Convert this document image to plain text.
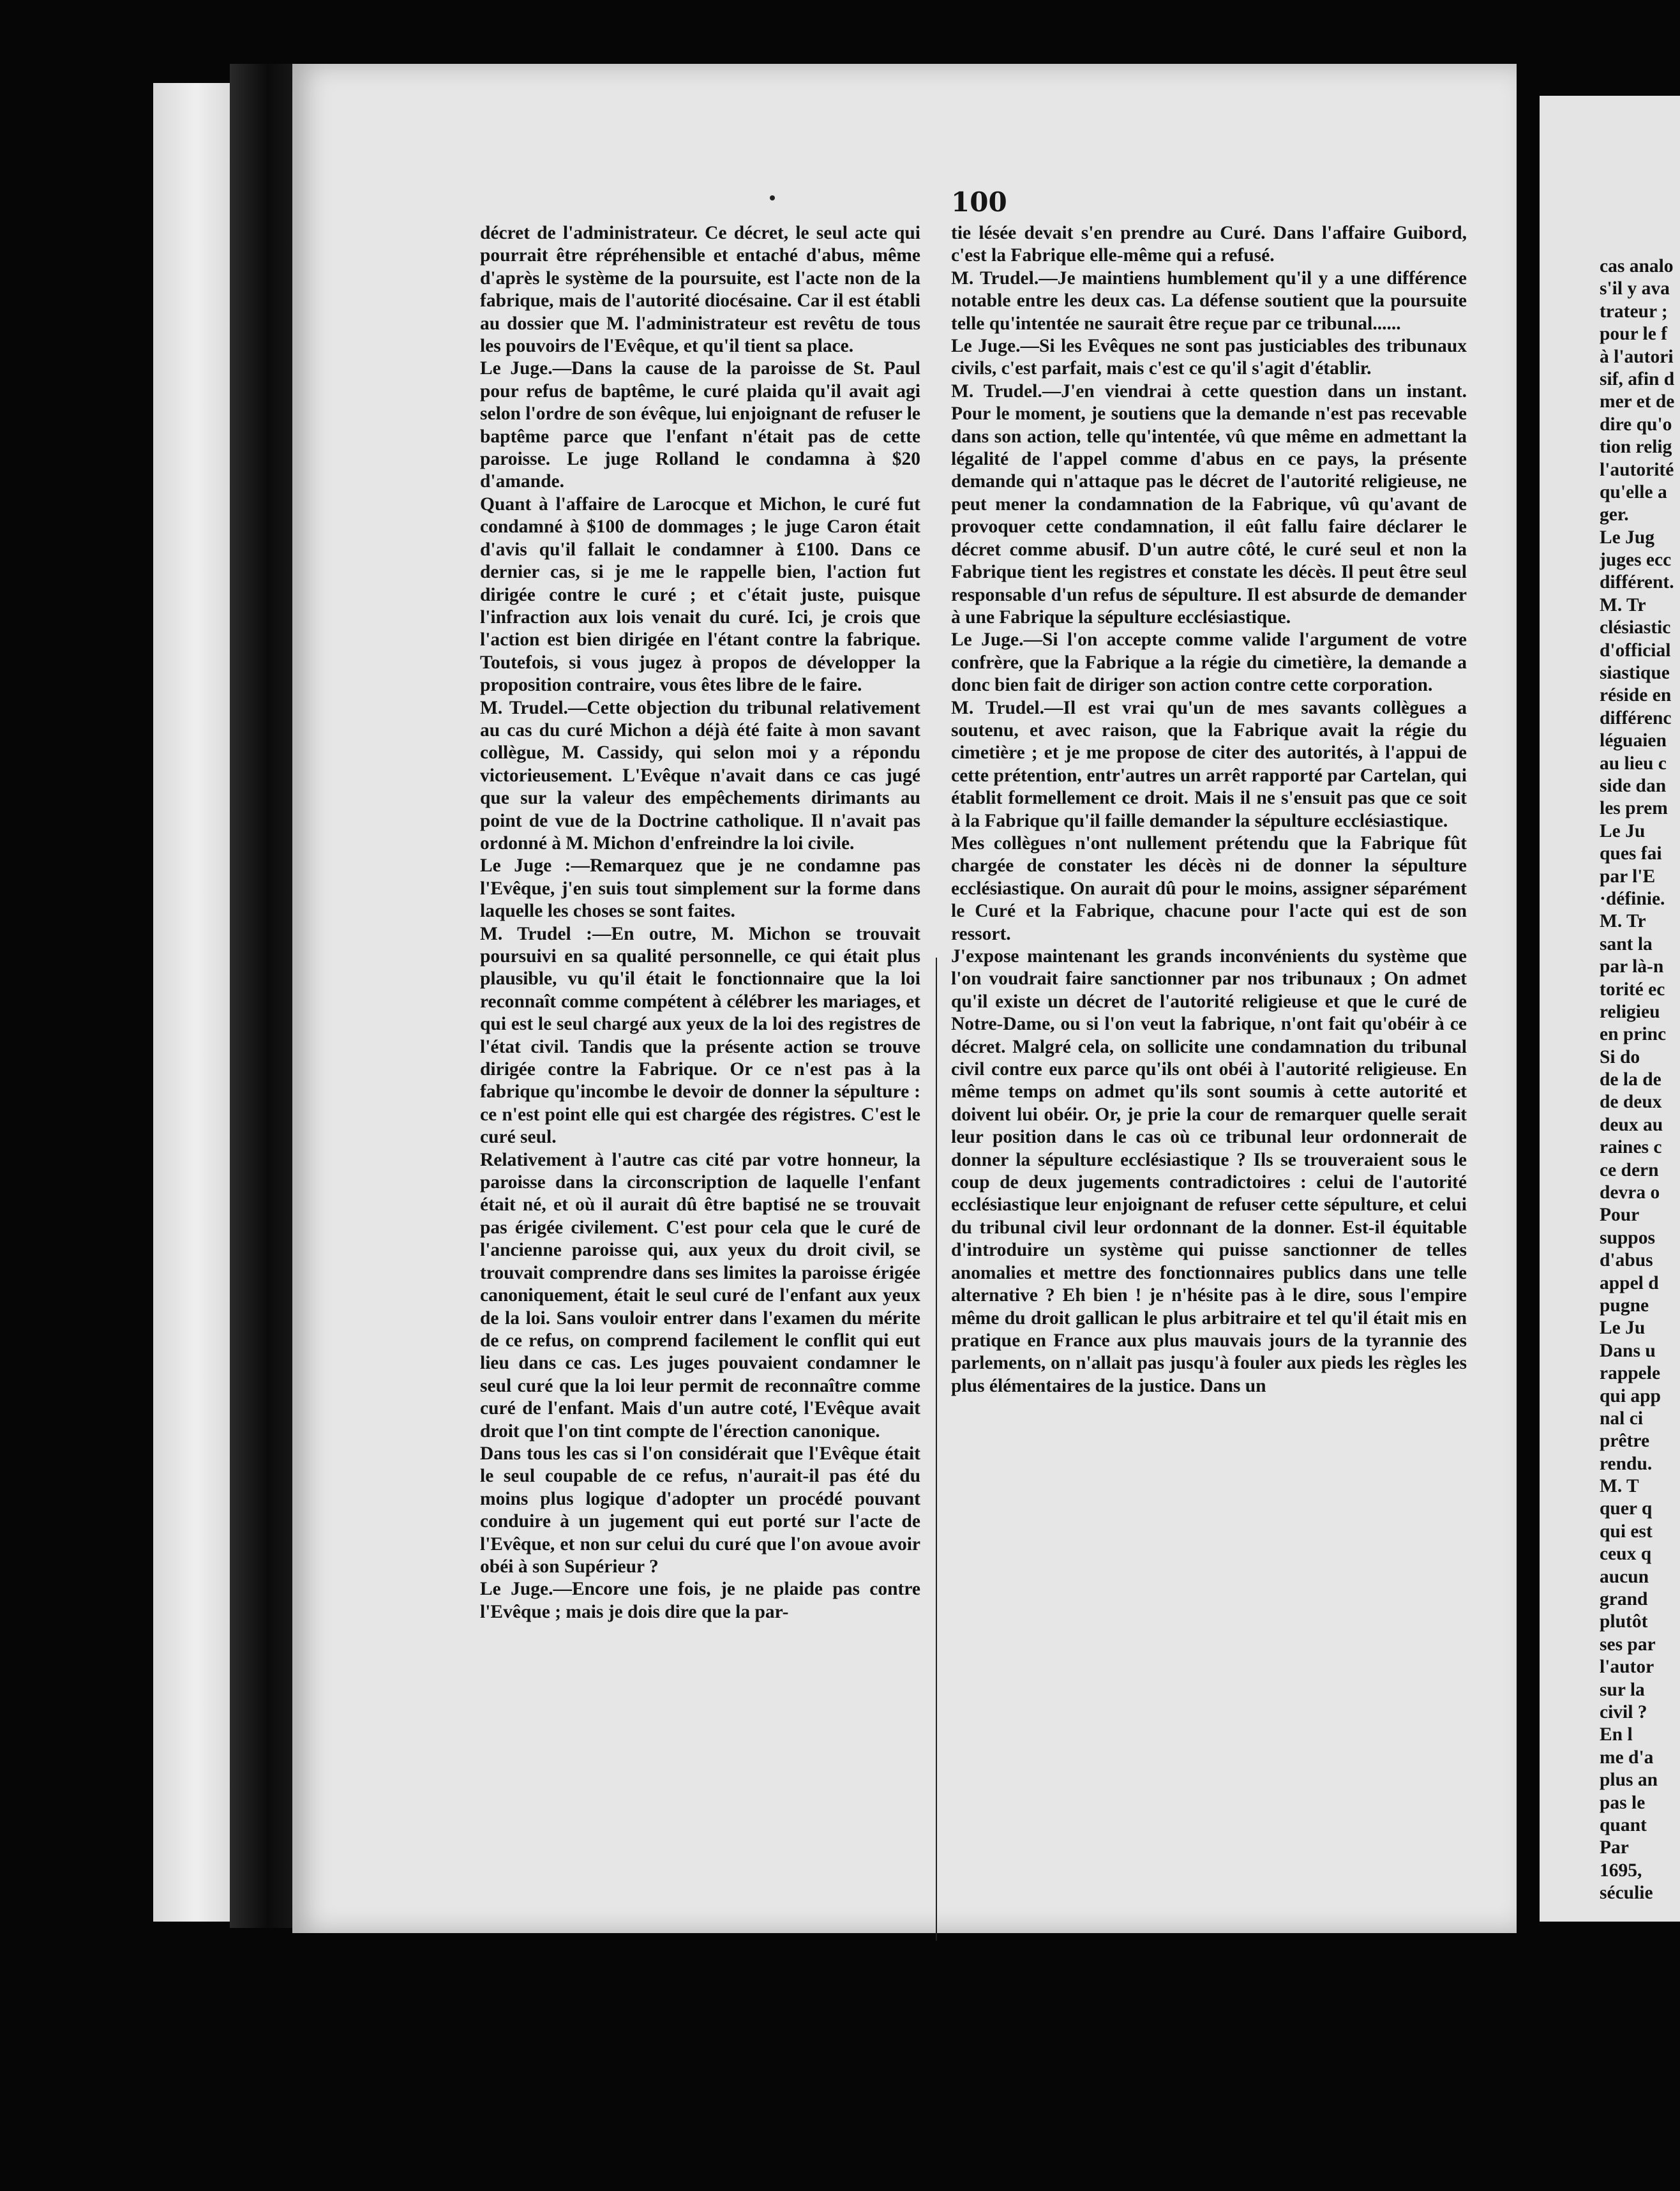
100
décret de l'administrateur. Ce décret, le seul acte qui pourrait être répréhensible et entaché d'abus, même d'après le système de la poursuite, est l'acte non de la fabrique, mais de l'autorité diocésaine. Car il est établi au dossier que M. l'administrateur est revêtu de tous les pouvoirs de l'Evêque, et qu'il tient sa place.
Le Juge.—Dans la cause de la paroisse de St. Paul pour refus de baptême, le curé plaida qu'il avait agi selon l'ordre de son évêque, lui enjoignant de refuser le baptême parce que l'enfant n'était pas de cette paroisse. Le juge Rolland le condamna à $20 d'amande.
Quant à l'affaire de Larocque et Michon, le curé fut condamné à $100 de dommages ; le juge Caron était d'avis qu'il fallait le condamner à £100. Dans ce dernier cas, si je me le rappelle bien, l'action fut dirigée contre le curé ; et c'était juste, puisque l'infraction aux lois venait du curé. Ici, je crois que l'action est bien dirigée en l'étant contre la fabrique. Toutefois, si vous jugez à propos de développer la proposition contraire, vous êtes libre de le faire.
M. Trudel.—Cette objection du tribunal relativement au cas du curé Michon a déjà été faite à mon savant collègue, M. Cassidy, qui selon moi y a répondu victorieusement. L'Evêque n'avait dans ce cas jugé que sur la valeur des empêchements dirimants au point de vue de la Doctrine catholique. Il n'avait pas ordonné à M. Michon d'enfreindre la loi civile.
Le Juge :—Remarquez que je ne condamne pas l'Evêque, j'en suis tout simplement sur la forme dans laquelle les choses se sont faites.
M. Trudel :—En outre, M. Michon se trouvait poursuivi en sa qualité personnelle, ce qui était plus plausible, vu qu'il était le fonctionnaire que la loi reconnaît comme compétent à célébrer les mariages, et qui est le seul chargé aux yeux de la loi des registres de l'état civil. Tandis que la présente action se trouve dirigée contre la Fabrique. Or ce n'est pas à la fabrique qu'incombe le devoir de donner la sépulture : ce n'est point elle qui est chargée des régistres. C'est le curé seul.
Relativement à l'autre cas cité par votre honneur, la paroisse dans la circonscription de laquelle l'enfant était né, et où il aurait dû être baptisé ne se trouvait pas érigée civilement. C'est pour cela que le curé de l'ancienne paroisse qui, aux yeux du droit civil, se trouvait comprendre dans ses limites la paroisse érigée canoniquement, était le seul curé de l'enfant aux yeux de la loi. Sans vouloir entrer dans l'examen du mérite de ce refus, on comprend facilement le conflit qui eut lieu dans ce cas. Les juges pouvaient condamner le seul curé que la loi leur permit de reconnaître comme curé de l'enfant. Mais d'un autre coté, l'Evêque avait droit que l'on tint compte de l'érection canonique.
Dans tous les cas si l'on considérait que l'Evêque était le seul coupable de ce refus, n'aurait-il pas été du moins plus logique d'adopter un procédé pouvant conduire à un jugement qui eut porté sur l'acte de l'Evêque, et non sur celui du curé que l'on avoue avoir obéi à son Supérieur ?
Le Juge.—Encore une fois, je ne plaide pas contre l'Evêque ; mais je dois dire que la par-
tie lésée devait s'en prendre au Curé. Dans l'affaire Guibord, c'est la Fabrique elle-même qui a refusé.
M. Trudel.—Je maintiens humblement qu'il y a une différence notable entre les deux cas. La défense soutient que la poursuite telle qu'intentée ne saurait être reçue par ce tribunal......
Le Juge.—Si les Evêques ne sont pas justiciables des tribunaux civils, c'est parfait, mais c'est ce qu'il s'agit d'établir.
M. Trudel.—J'en viendrai à cette question dans un instant. Pour le moment, je soutiens que la demande n'est pas recevable dans son action, telle qu'intentée, vû que même en admettant la légalité de l'appel comme d'abus en ce pays, la présente demande qui n'attaque pas le décret de l'autorité religieuse, ne peut mener la condamnation de la Fabrique, vû qu'avant de provoquer cette condamnation, il eût fallu faire déclarer le décret comme abusif. D'un autre côté, le curé seul et non la Fabrique tient les registres et constate les décès. Il peut être seul responsable d'un refus de sépulture. Il est absurde de demander à une Fabrique la sépulture ecclésiastique.
Le Juge.—Si l'on accepte comme valide l'argument de votre confrère, que la Fabrique a la régie du cimetière, la demande a donc bien fait de diriger son action contre cette corporation.
M. Trudel.—Il est vrai qu'un de mes savants collègues a soutenu, et avec raison, que la Fabrique avait la régie du cimetière ; et je me propose de citer des autorités, à l'appui de cette prétention, entr'autres un arrêt rapporté par Cartelan, qui établit formellement ce droit. Mais il ne s'ensuit pas que ce soit à la Fabrique qu'il faille demander la sépulture ecclésiastique.
Mes collègues n'ont nullement prétendu que la Fabrique fût chargée de constater les décès ni de donner la sépulture ecclésiastique. On aurait dû pour le moins, assigner séparément le Curé et la Fabrique, chacune pour l'acte qui est de son ressort.
J'expose maintenant les grands inconvénients du système que l'on voudrait faire sanctionner par nos tribunaux ; On admet qu'il existe un décret de l'autorité religieuse et que le curé de Notre-Dame, ou si l'on veut la fabrique, n'ont fait qu'obéir à ce décret. Malgré cela, on sollicite une condamnation du tribunal civil contre eux parce qu'ils ont obéi à l'autorité religieuse. En même temps on admet qu'ils sont soumis à cette autorité et doivent lui obéir. Or, je prie la cour de remarquer quelle serait leur position dans le cas où ce tribunal leur ordonnerait de donner la sépulture ecclésiastique ? Ils se trouveraient sous le coup de deux jugements contradictoires : celui de l'autorité ecclésiastique leur enjoignant de refuser cette sépulture, et celui du tribunal civil leur ordonnant de la donner. Est-il équitable d'introduire un système qui puisse sanctionner de telles anomalies et mettre des fonctionnaires publics dans une telle alternative ? Eh bien ! je n'hésite pas à le dire, sous l'empire même du droit gallican le plus arbitraire et tel qu'il était mis en pratique en France aux plus mauvais jours de la tyrannie des parlements, on n'allait pas jusqu'à fouler aux pieds les règles les plus élémentaires de la justice. Dans un
cas analo
s'il y ava
trateur ;
pour le f
à l'autori
sif, afin d
mer et de
dire qu'o
tion relig
l'autorité
qu'elle a
ger.
Le Jug
juges ecc
différent.
M. Tr
clésiastic
d'official
siastique
réside en
différenc
léguaien
au lieu c
side dan
les prem
Le Ju
ques fai
par l'E
·définie.
M. Tr
sant la
par là-n
torité ec
religieu
en princ
Si do
de la de
de deux
deux au
raines c
ce dern
devra o
Pour
suppos
d'abus
appel d
pugne
Le Ju
Dans u
rappele
qui app
nal ci
prêtre
rendu.
M. T
quer q
qui est
ceux q
aucun
grand
plutôt
ses par
l'autor
sur la
civil ?
En l
me d'a
plus an
pas le
quant
Par
1695,
séculie
